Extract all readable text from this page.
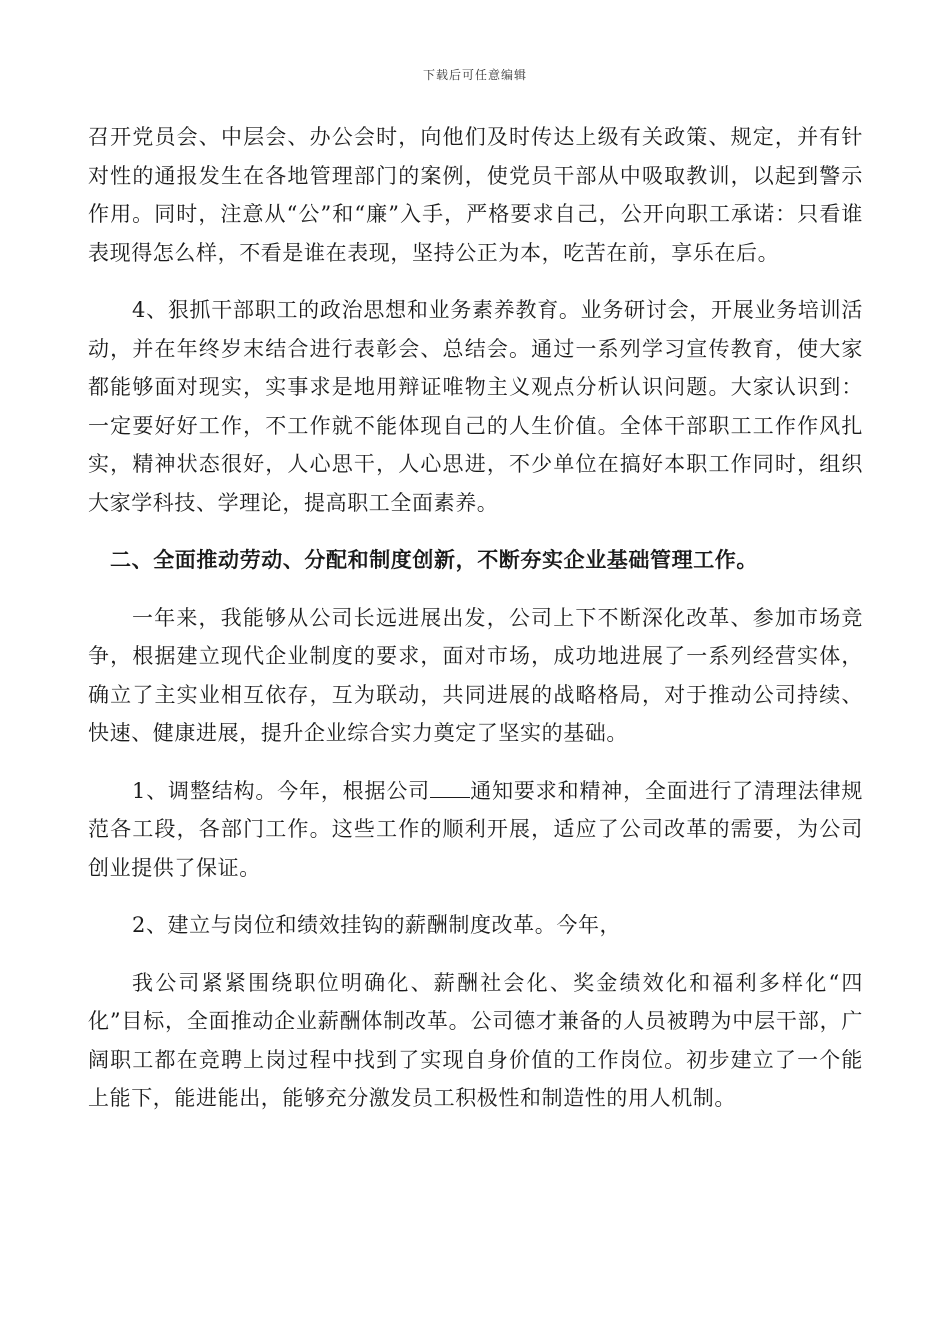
下载后可任意编辑

召开党员会、中层会、办公会时，向他们及时传达上级有关政策、规定，并有针对性的通报发生在各地管理部门的案例，使党员干部从中吸取教训，以起到警示作用。同时，注意从“公”和“廉”入手，严格要求自己，公开向职工承诺：只看谁表现得怎么样，不看是谁在表现，坚持公正为本，吃苦在前，享乐在后。

4、狠抓干部职工的政治思想和业务素养教育。业务研讨会，开展业务培训活动，并在年终岁末结合进行表彰会、总结会。通过一系列学习宣传教育，使大家都能够面对现实，实事求是地用辩证唯物主义观点分析认识问题。大家认识到：一定要好好工作，不工作就不能体现自己的人生价值。全体干部职工工作作风扎实，精神状态很好，人心思干，人心思进，不少单位在搞好本职工作同时，组织大家学科技、学理论，提高职工全面素养。

二、全面推动劳动、分配和制度创新，不断夯实企业基础管理工作。

一年来，我能够从公司长远进展出发，公司上下不断深化改革、参加市场竞争，根据建立现代企业制度的要求，面对市场，成功地进展了一系列经营实体，确立了主实业相互依存，互为联动，共同进展的战略格局，对于推动公司持续、快速、健康进展，提升企业综合实力奠定了坚实的基础。

1、调整结构。今年，根据公司 通知要求和精神，全面进行了清理法律规范各工段，各部门工作。这些工作的顺利开展，适应了公司改革的需要，为公司创业提供了保证。

2、建立与岗位和绩效挂钩的薪酬制度改革。今年，

我公司紧紧围绕职位明确化、薪酬社会化、奖金绩效化和福利多样化“四化”目标，全面推动企业薪酬体制改革。公司德才兼备的人员被聘为中层干部，广阔职工都在竞聘上岗过程中找到了实现自身价值的工作岗位。初步建立了一个能上能下，能进能出，能够充分激发员工积极性和制造性的用人机制。
